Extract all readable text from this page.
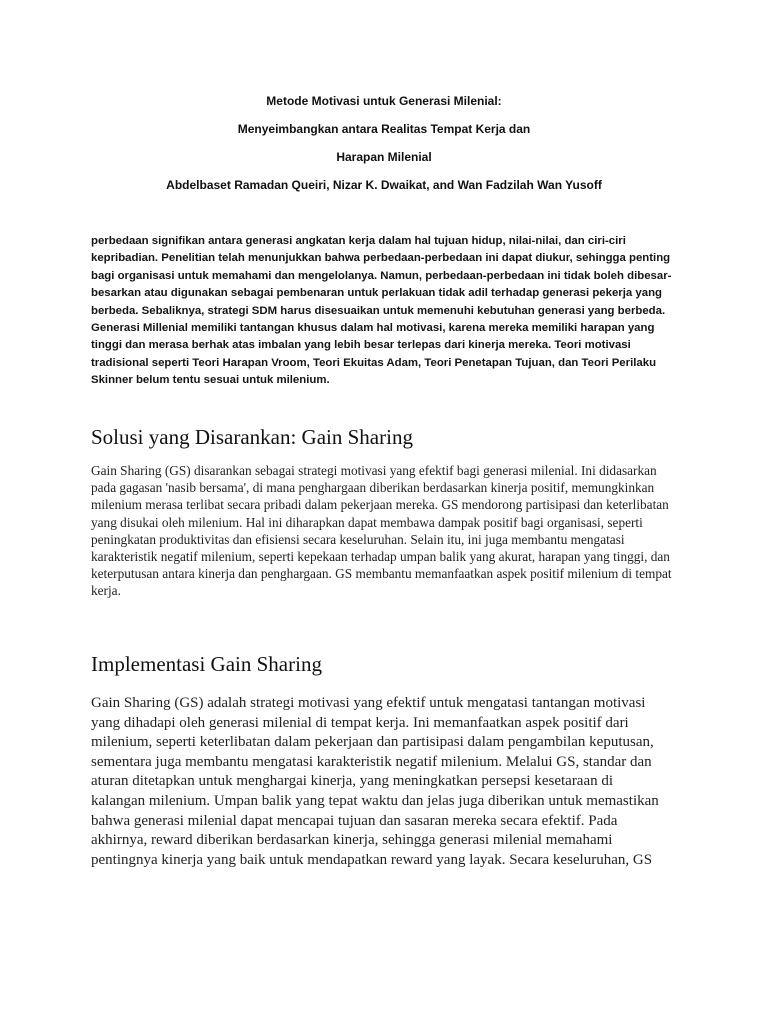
Metode Motivasi untuk Generasi Milenial:
Menyeimbangkan antara Realitas Tempat Kerja dan
Harapan Milenial
Abdelbaset Ramadan Queiri, Nizar K. Dwaikat, and Wan Fadzilah Wan Yusoff

perbedaan signifikan antara generasi angkatan kerja dalam hal tujuan hidup, nilai-nilai, dan ciri-ciri kepribadian. Penelitian telah menunjukkan bahwa perbedaan-perbedaan ini dapat diukur, sehingga penting bagi organisasi untuk memahami dan mengelolanya. Namun, perbedaan-perbedaan ini tidak boleh dibesar-besarkan atau digunakan sebagai pembenaran untuk perlakuan tidak adil terhadap generasi pekerja yang berbeda. Sebaliknya, strategi SDM harus disesuaikan untuk memenuhi kebutuhan generasi yang berbeda. Generasi Millenial memiliki tantangan khusus dalam hal motivasi, karena mereka memiliki harapan yang tinggi dan merasa berhak atas imbalan yang lebih besar terlepas dari kinerja mereka. Teori motivasi tradisional seperti Teori Harapan Vroom, Teori Ekuitas Adam, Teori Penetapan Tujuan, dan Teori Perilaku Skinner belum tentu sesuai untuk milenium.

Solusi yang Disarankan: Gain Sharing

Gain Sharing (GS) disarankan sebagai strategi motivasi yang efektif bagi generasi milenial. Ini didasarkan pada gagasan 'nasib bersama', di mana penghargaan diberikan berdasarkan kinerja positif, memungkinkan milenium merasa terlibat secara pribadi dalam pekerjaan mereka. GS mendorong partisipasi dan keterlibatan yang disukai oleh milenium. Hal ini diharapkan dapat membawa dampak positif bagi organisasi, seperti peningkatan produktivitas dan efisiensi secara keseluruhan. Selain itu, ini juga membantu mengatasi karakteristik negatif milenium, seperti kepekaan terhadap umpan balik yang akurat, harapan yang tinggi, dan keterputusan antara kinerja dan penghargaan. GS membantu memanfaatkan aspek positif milenium di tempat kerja.

Implementasi Gain Sharing

Gain Sharing (GS) adalah strategi motivasi yang efektif untuk mengatasi tantangan motivasi yang dihadapi oleh generasi milenial di tempat kerja. Ini memanfaatkan aspek positif dari milenium, seperti keterlibatan dalam pekerjaan dan partisipasi dalam pengambilan keputusan, sementara juga membantu mengatasi karakteristik negatif milenium. Melalui GS, standar dan aturan ditetapkan untuk menghargai kinerja, yang meningkatkan persepsi kesetaraan di kalangan milenium. Umpan balik yang tepat waktu dan jelas juga diberikan untuk memastikan bahwa generasi milenial dapat mencapai tujuan dan sasaran mereka secara efektif. Pada akhirnya, reward diberikan berdasarkan kinerja, sehingga generasi milenial memahami pentingnya kinerja yang baik untuk mendapatkan reward yang layak. Secara keseluruhan, GS
